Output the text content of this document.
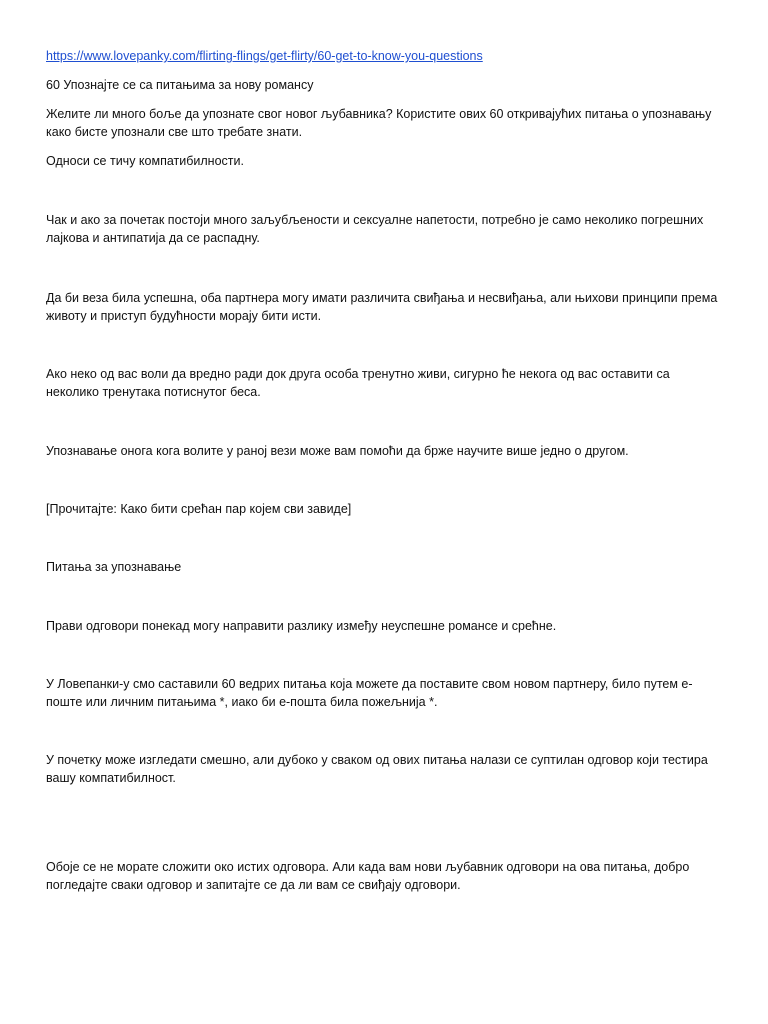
https://www.lovepanky.com/flirting-flings/get-flirty/60-get-to-know-you-questions

60 Упознајте се са питањима за нову романсу

Желите ли много боље да упознате свог новог љубавника? Користите ових 60 откривајућих питања о упознавању како бисте упознали све што требате знати.

Односи се тичу компатибилности.

Чак и ако за почетак постоји много заљубљености и сексуалне напетости, потребно је само неколико погрешних лајкова и антипатија да се распадну.

Да би веза била успешна, оба партнера могу имати различита свиђања и несвиђања, али њихови принципи према животу и приступ будућности морају бити исти.

Ако неко од вас воли да вредно ради док друга особа тренутно живи, сигурно ће некога од вас оставити са неколико тренутака потиснутог беса.

Упознавање онога кога волите у раној вези може вам помоћи да брже научите више једно о другом.

[Прочитајте: Како бити срећан пар којем сви завиде]

Питања за упознавање

Прави одговори понекад могу направити разлику између неуспешне романсе и срећне.

У Ловепанки-у смо саставили 60 ведрих питања која можете да поставите свом новом партнеру, било путем е-поште или личним питањима *, иако би е-пошта била пожељнија *.

У почетку може изгледати смешно, али дубоко у сваком од ових питања налази се суптилан одговор који тестира вашу компатибилност.

Обоје се не морате сложити око истих одговора. Али када вам нови љубавник одговори на ова питања, добро погледајте сваки одговор и запитајте се да ли вам се свиђају одговори.
